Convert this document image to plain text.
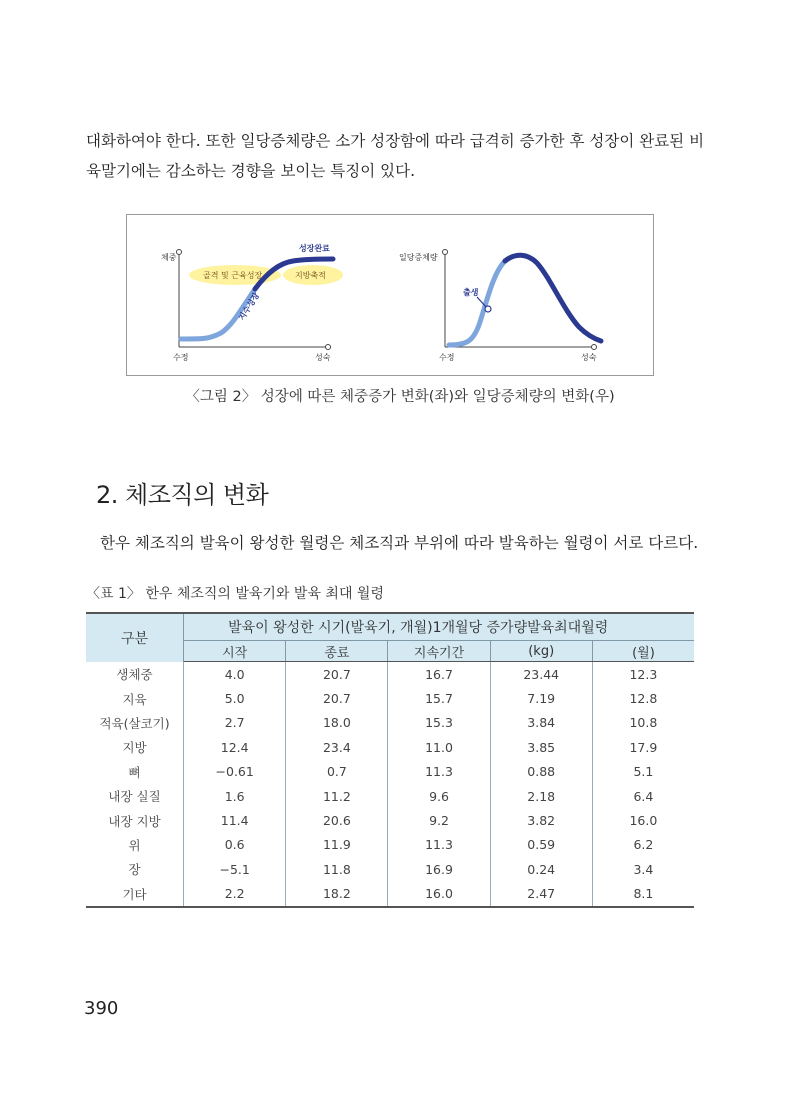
대화하여야 한다. 또한 일당증체량은 소가 성장함에 따라 급격히 증가한 후 성장이 완료된 비육말기에는 감소하는 경향을 보이는 특징이 있다.

체중
수정	성숙
골격 및 근육성장	지방축적
출생
성장완료
지수성장
일당증체량
수정	성숙
출생
〈그림 2〉 성장에 따른 체중증가 변화(좌)와 일당증체량의 변화(우)
2. 체조직의 변화

한우 체조직의 발육이 왕성한 월령은 체조직과 부위에 따라 발육하는 월령이 서로 다르다.

〈표 1〉 한우 체조직의 발육기와 발육 최대 월령
구분	발육이 왕성한 시기(발육기, 개월)1개월당 증가량발육최대월령				
	시작	종료	지속기간	(kg)	(월)
생체중	4.0	20.7	16.7	23.44	12.3
지육	5.0	20.7	15.7	7.19	12.8
적육(살코기)	2.7	18.0	15.3	3.84	10.8
지방	12.4	23.4	11.0	3.85	17.9
뼈	−0.61	0.7	11.3	0.88	5.1
내장 실질	1.6	11.2	9.6	2.18	6.4
내장 지방	11.4	20.6	9.2	3.82	16.0
위	0.6	11.9	11.3	0.59	6.2
장	−5.1	11.8	16.9	0.24	3.4
기타	2.2	18.2	16.0	2.47	8.1
390
